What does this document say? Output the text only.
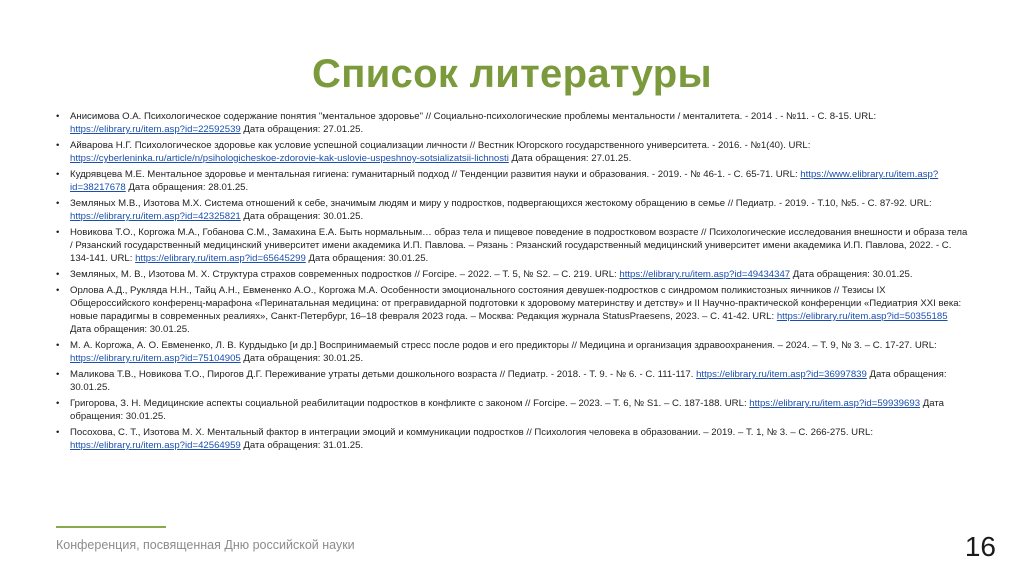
Список литературы
• Анисимова О.А. Психологическое содержание понятия "ментальное здоровье" // Социально-психологические проблемы ментальности / менталитета. - 2014 . - №11. - С. 8-15. URL: https://elibrary.ru/item.asp?id=22592539 Дата обращения: 27.01.25.
• Айварова Н.Г. Психологическое здоровье как условие успешной социализации личности // Вестник Югорского государственного университета. - 2016. - №1(40). URL: https://cyberleninka.ru/article/n/psihologicheskoe-zdorovie-kak-uslovie-uspeshnoy-sotsializatsii-lichnosti Дата обращения: 27.01.25.
• Кудрявцева М.Е. Ментальное здоровье и ментальная гигиена: гуманитарный подход // Тенденции развития науки и образования. - 2019. - № 46-1. - С. 65-71. URL: https://www.elibrary.ru/item.asp?id=38217678 Дата обращения: 28.01.25.
• Земляных М.В., Изотова М.Х. Система отношений к себе, значимым людям и миру у подростков, подвергающихся жестокому обращению в семье // Педиатр. - 2019. - Т.10, №5. - С. 87-92. URL: https://elibrary.ru/item.asp?id=42325821 Дата обращения: 30.01.25.
• Новикова Т.О., Коргожа М.А., Гобанова С.М., Замахина Е.А. Быть нормальным… образ тела и пищевое поведение в подростковом возрасте // Психологические исследования внешности и образа тела / Рязанский государственный медицинский университет имени академика И.П. Павлова. – Рязань : Рязанский государственный медицинский университет имени академика И.П. Павлова, 2022. - С. 134-141. URL: https://elibrary.ru/item.asp?id=65645299 Дата обращения: 30.01.25.
• Земляных, М. В., Изотова М. Х. Структура страхов современных подростков // Forcipe. – 2022. – Т. 5, № S2. – С. 219. URL: https://elibrary.ru/item.asp?id=49434347 Дата обращения: 30.01.25.
• Орлова А.Д., Рукляда Н.Н., Тайц А.Н., Евмененко А.О., Коргожа М.А. Особенности эмоционального состояния девушек-подростков с синдромом поликистозных яичников // Тезисы IX Общероссийского конференц-марафона «Перинатальная медицина: от прегравидарной подготовки к здоровому материнству и детству» и II Научно-практической конференции «Педиатрия XXI века: новые парадигмы в современных реалиях», Санкт-Петербург, 16–18 февраля 2023 года. – Москва: Редакция журнала StatusPraesens, 2023. – С. 41-42. URL: https://elibrary.ru/item.asp?id=50355185 Дата обращения: 30.01.25.
• М. А. Коргожа, А. О. Евмененко, Л. В. Курдыдько [и др.] Воспринимаемый стресс после родов и его предикторы // Медицина и организация здравоохранения. – 2024. – Т. 9, № 3. – С. 17-27. URL: https://elibrary.ru/item.asp?id=75104905 Дата обращения: 30.01.25.
• Маликова Т.В., Новикова Т.О., Пирогов Д.Г. Переживание утраты детьми дошкольного возраста // Педиатр. - 2018. - Т. 9. - № 6. - С. 111-117. https://elibrary.ru/item.asp?id=36997839 Дата обращения: 30.01.25.
• Григорова, З. Н. Медицинские аспекты социальной реабилитации подростков в конфликте с законом // Forcipe. – 2023. – Т. 6, № S1. – С. 187-188. URL: https://elibrary.ru/item.asp?id=59939693 Дата обращения: 30.01.25.
• Посохова, С. Т., Изотова М. Х. Ментальный фактор в интеграции эмоций и коммуникации подростков // Психология человека в образовании. – 2019. – Т. 1, № 3. – С. 266-275. URL: https://elibrary.ru/item.asp?id=42564959 Дата обращения: 31.01.25.
Конференция, посвященная Дню российской науки	16
